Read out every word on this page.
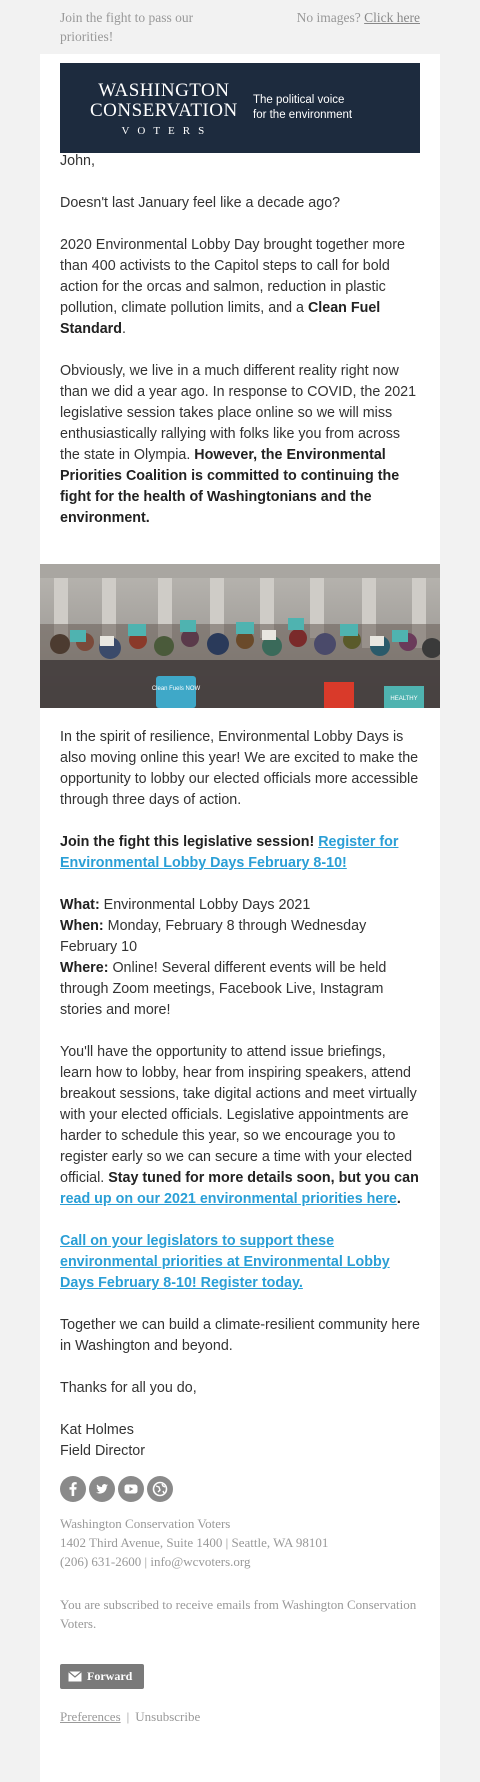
Join the fight to pass our priorities!
No images? Click here
WASHINGTON
CONSERVATION
VOTERS
The political voice
for the environment

John,

Doesn't last January feel like a decade ago?

2020 Environmental Lobby Day brought together more than 400 activists to the Capitol steps to call for bold action for the orcas and salmon, reduction in plastic pollution, climate pollution limits, and a Clean Fuel Standard.

Obviously, we live in a much different reality right now than we did a year ago. In response to COVID, the 2021 legislative session takes place online so we will miss enthusiastically rallying with folks like you from across the state in Olympia. However, the Environmental Priorities Coalition is committed to continuing the fight for the health of Washingtonians and the environment.

Clean Fuels NOW
HEALTHY

In the spirit of resilience, Environmental Lobby Days is also moving online this year! We are excited to make the opportunity to lobby our elected officials more accessible through three days of action.

Join the fight this legislative session! Register for Environmental Lobby Days February 8-10!

What: Environmental Lobby Days 2021

When: Monday, February 8 through Wednesday February 10

Where: Online! Several different events will be held through Zoom meetings, Facebook Live, Instagram stories and more!

You'll have the opportunity to attend issue briefings, learn how to lobby, hear from inspiring speakers, attend breakout sessions, take digital actions and meet virtually with your elected officials. Legislative appointments are harder to schedule this year, so we encourage you to register early so we can secure a time with your elected official. Stay tuned for more details soon, but you can read up on our 2021 environmental priorities here.

Call on your legislators to support these environmental priorities at Environmental Lobby Days February 8-10! Register today.

Together we can build a climate-resilient community here in Washington and beyond.

Thanks for all you do,

Kat Holmes

Field Director

Washington Conservation Voters
1402 Third Avenue, Suite 1400 | Seattle, WA 98101
(206) 631-2600 | info@wcvoters.org
You are subscribed to receive emails from Washington Conservation Voters.
Forward
Preferences | Unsubscribe
